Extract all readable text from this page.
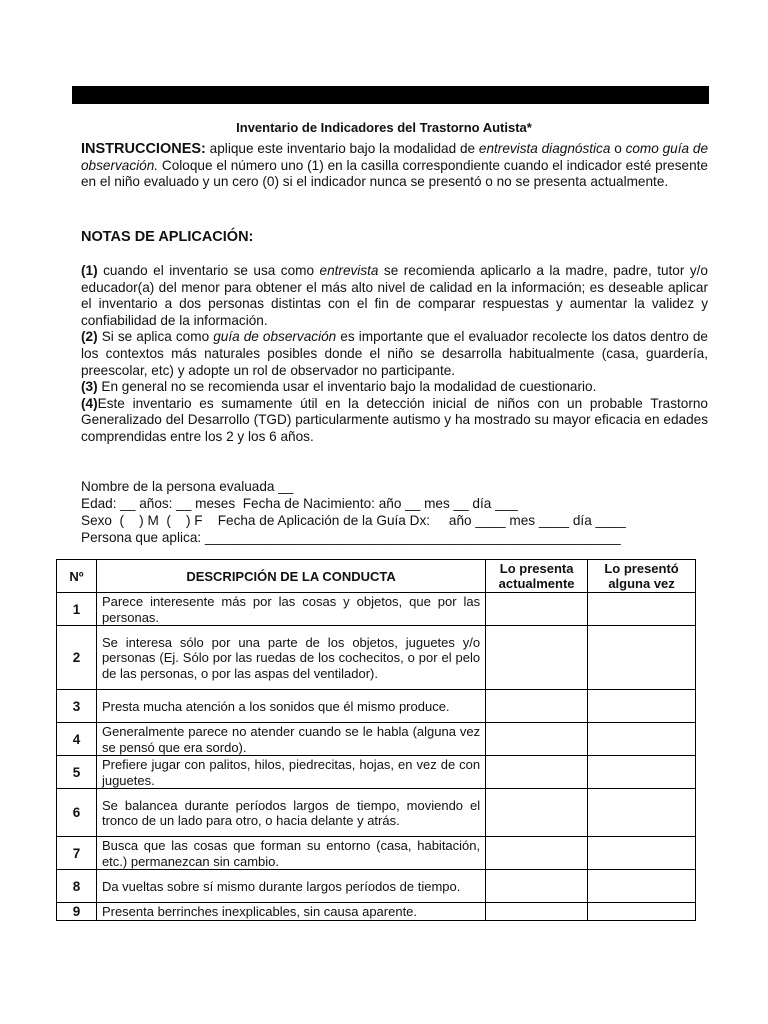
Inventario de Indicadores del Trastorno Autista*

INSTRUCCIONES: aplique este inventario bajo la modalidad de entrevista diagnóstica o como guía de observación. Coloque el número uno (1) en la casilla correspondiente cuando el indicador esté presente en el niño evaluado y un cero (0) si el indicador nunca se presentó o no se presenta actualmente.

NOTAS DE APLICACIÓN:

(1) cuando el inventario se usa como entrevista se recomienda aplicarlo a la madre, padre, tutor y/o educador(a) del menor para obtener el más alto nivel de calidad en la información; es deseable aplicar el inventario a dos personas distintas con el fin de comparar respuestas y aumentar la validez y confiabilidad de la información.

(2) Si se aplica como guía de observación es importante que el evaluador recolecte los datos dentro de los contextos más naturales posibles donde el niño se desarrolla habitualmente (casa, guardería, preescolar, etc) y adopte un rol de observador no participante.

(3) En general no se recomienda usar el inventario bajo la modalidad de cuestionario.

(4)Este inventario es sumamente útil en la detección inicial de niños con un probable Trastorno Generalizado del Desarrollo (TGD) particularmente autismo y ha mostrado su mayor eficacia en edades comprendidas entre los 2 y los 6 años.

Nombre de la persona evaluada __
Edad: __ años: __ meses  Fecha de Nacimiento: año __ mes __ día ___
Sexo  (    ) M  (    ) F    Fecha de Aplicación de la Guía Dx:     año ____ mes ____ día ____
Persona que aplica: _______________________________________________________
Nº	DESCRIPCIÓN DE LA CONDUCTA	Lo presenta actualmente	Lo presentó alguna vez
1	Parece interesente más por las cosas y objetos, que por las personas.		
2	Se interesa sólo por una parte de los objetos, juguetes y/o personas (Ej. Sólo por las ruedas de los cochecitos, o por el pelo de las personas, o por las aspas del ventilador).		
3	Presta mucha atención a los sonidos que él mismo produce.		
4	Generalmente parece no atender cuando se le habla (alguna vez se pensó que era sordo).		
5	Prefiere jugar con palitos, hilos, piedrecitas, hojas, en vez de con juguetes.		
6	Se balancea durante períodos largos de tiempo, moviendo el tronco de un lado para otro, o hacia delante y atrás.		
7	Busca que las cosas que forman su entorno (casa, habitación, etc.) permanezcan sin cambio.		
8	Da vueltas sobre sí mismo durante largos períodos de tiempo.		
9	Presenta berrinches inexplicables, sin causa aparente.		
